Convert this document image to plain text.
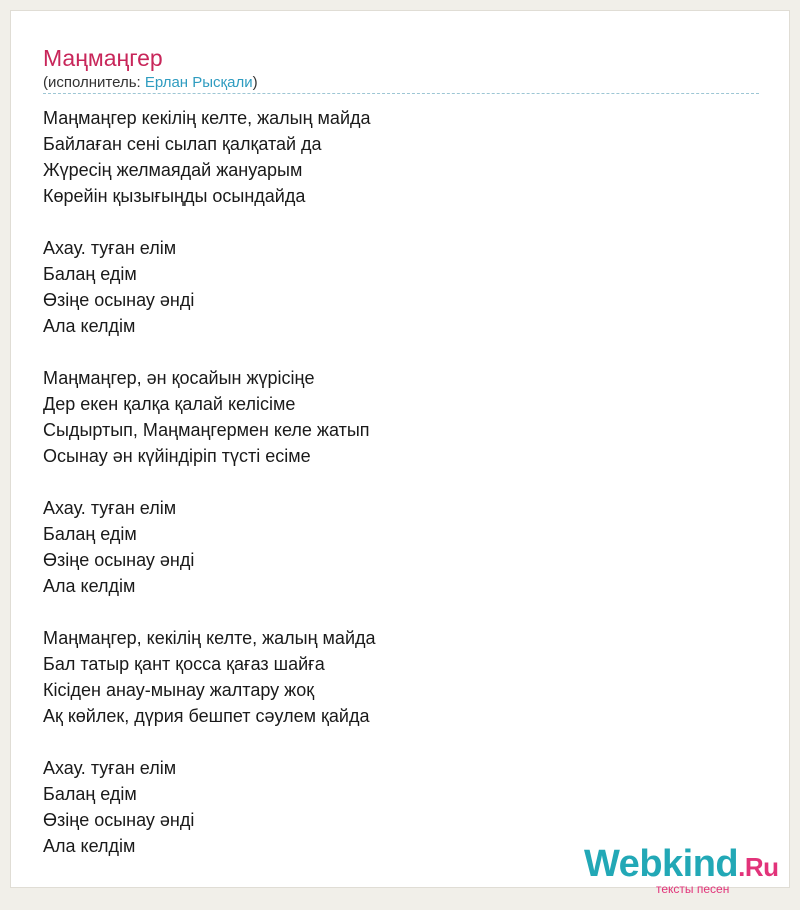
Маңмаңгер
(исполнитель: Ерлан Рысқали)
Маңмаңгер кекілің келте, жалың майда
Байлаған сені сылап қалқатай да
Жүресің желмаядай жануарым
Көрейін қызығыңды осындайда
Ахау. туған елім
Балаң едім
Өзіңе осынау әнді
Ала келдім
Маңмаңгер, ән қосайын жүрісіңе
Дер екен қалқа қалай келісіме
Сыдыртып, Маңмаңгермен келе жатып
Осынау ән күйіндіріп түсті есіме
Ахау. туған елім
Балаң едім
Өзіңе осынау әнді
Ала келдім
Маңмаңгер, кекілің келте, жалың майда
Бал татыр қант қосса қағаз шайға
Кісіден анау-мынау жалтару жоқ
Ақ көйлек, дүрия бешпет сәулем қайда
Ахау. туған елім
Балаң едім
Өзіңе осынау әнді
Ала келдім	Webkind.Ru
тексты песен
